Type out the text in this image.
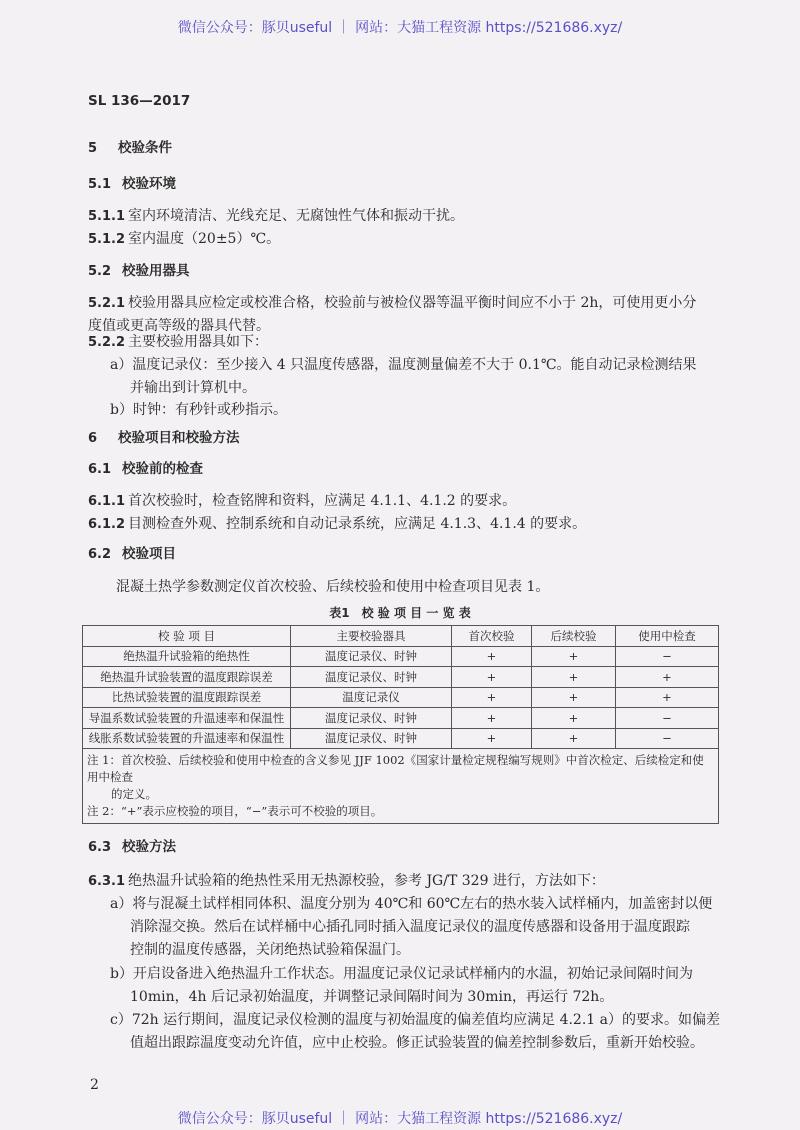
微信公众号：豚贝useful ｜ 网站：大猫工程资源 https://521686.xyz/
SL 136—2017
5 校验条件
5.1 校验环境
5.1.1 室内环境清洁、光线充足、无腐蚀性气体和振动干扰。
5.1.2 室内温度（20±5）℃。
5.2 校验用器具
5.2.1 校验用器具应检定或校准合格，校验前与被检仪器等温平衡时间应不小于 2h，可使用更小分
度值或更高等级的器具代替。
5.2.2 主要校验用器具如下：
a）温度记录仪：至少接入 4 只温度传感器，温度测量偏差不大于 0.1℃。能自动记录检测结果
并输出到计算机中。
b）时钟：有秒针或秒指示。
6 校验项目和校验方法
6.1 校验前的检查
6.1.1 首次校验时，检查铭牌和资料，应满足 4.1.1、4.1.2 的要求。
6.1.2 目测检查外观、控制系统和自动记录系统，应满足 4.1.3、4.1.4 的要求。
6.2 校验项目
混凝土热学参数测定仪首次校验、后续校验和使用中检查项目见表 1。
表1　校 验 项 目 一 览 表
校 验 项 目	主要校验器具	首次校验	后续校验	使用中检查
绝热温升试验箱的绝热性	温度记录仪、时钟	+	+	−
绝热温升试验装置的温度跟踪误差	温度记录仪、时钟	+	+	+
比热试验装置的温度跟踪误差	温度记录仪	+	+	+
导温系数试验装置的升温速率和保温性	温度记录仪、时钟	+	+	−
线胀系数试验装置的升温速率和保温性	温度记录仪、时钟	+	+	−

注 1：首次校验、后续校验和使用中检查的含义参见 JJF 1002《国家计量检定规程编写规则》中首次检定、后续检定和使用中检查
的定义。
注 2：“+”表示应校验的项目，“−”表示可不校验的项目。				
6.3 校验方法
6.3.1 绝热温升试验箱的绝热性采用无热源校验，参考 JG/T 329 进行，方法如下：
a）将与混凝土试样相同体积、温度分别为 40℃和 60℃左右的热水装入试样桶内，加盖密封以便
消除湿交换。然后在试样桶中心插孔同时插入温度记录仪的温度传感器和设备用于温度跟踪
控制的温度传感器，关闭绝热试验箱保温门。
b）开启设备进入绝热温升工作状态。用温度记录仪记录试样桶内的水温，初始记录间隔时间为
10min，4h 后记录初始温度，并调整记录间隔时间为 30min，再运行 72h。
c）72h 运行期间，温度记录仪检测的温度与初始温度的偏差值均应满足 4.2.1 a）的要求。如偏差
值超出跟踪温度变动允许值，应中止校验。修正试验装置的偏差控制参数后，重新开始校验。
2
微信公众号：豚贝useful ｜ 网站：大猫工程资源 https://521686.xyz/
